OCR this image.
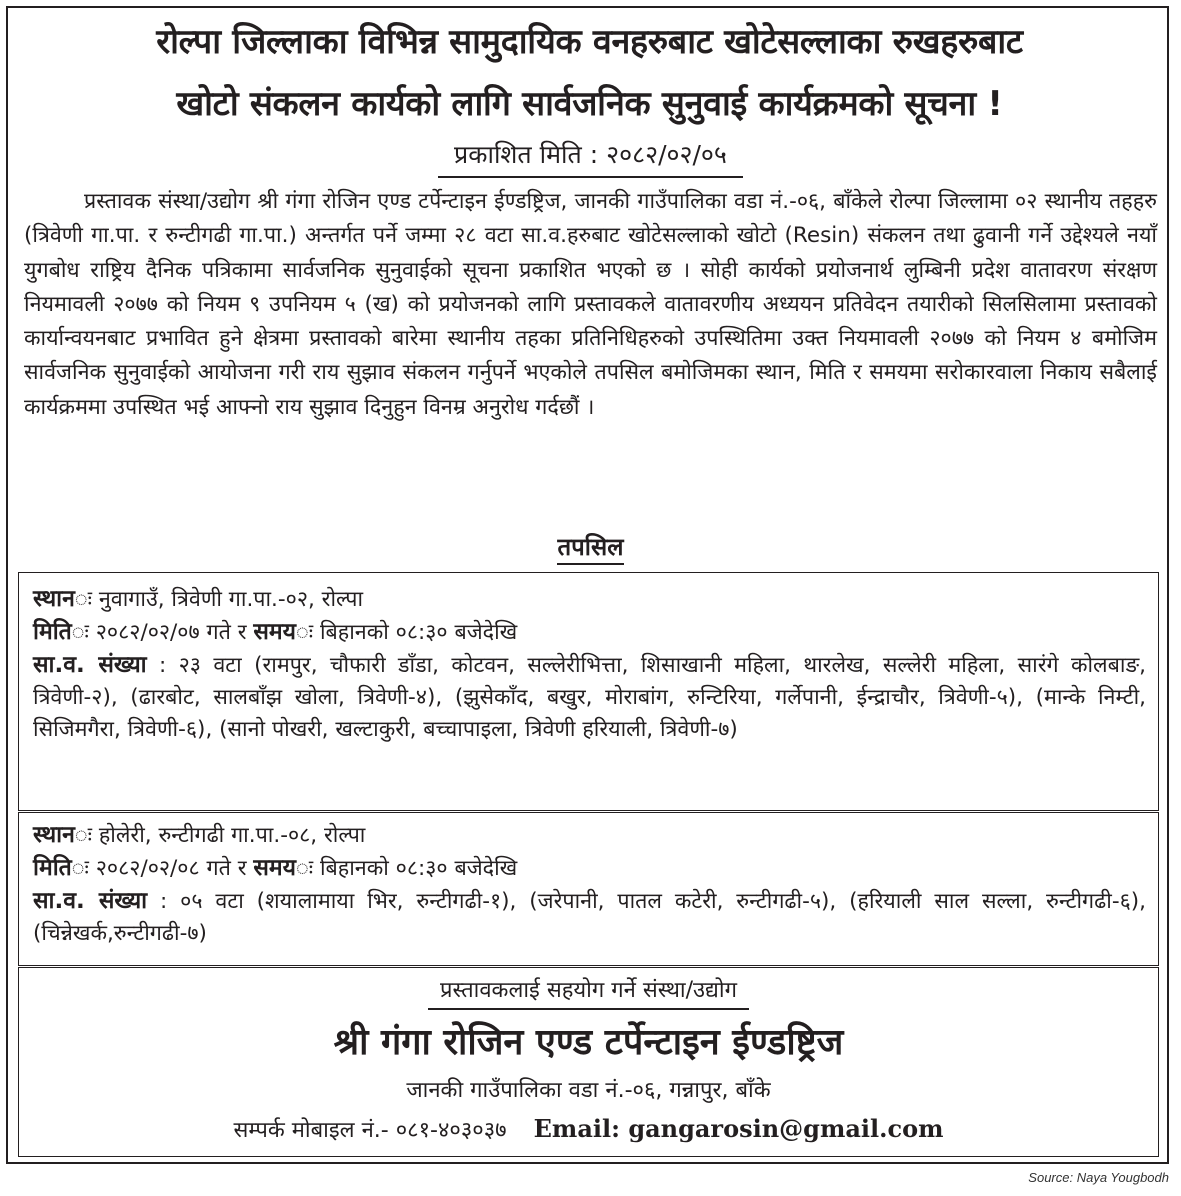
रोल्पा जिल्लाका विभिन्न सामुदायिक वनहरुबाट खोटेसल्लाका रुखहरुबाट
खोटो संकलन कार्यको लागि सार्वजनिक सुनुवाई कार्यक्रमको सूचना !
प्रकाशित मिति : २०८२/०२/०५

प्रस्तावक संस्था/उद्योग श्री गंगा रोजिन एण्ड टर्पेन्टाइन ईण्डष्ट्रिज, जानकी गाउँपालिका वडा नं.-०६, बाँकेले रोल्पा जिल्लामा ०२ स्थानीय तहहरु (त्रिवेणी गा.पा. र रुन्टीगढी गा.पा.) अन्तर्गत पर्ने जम्मा २८ वटा सा.व.हरुबाट खोटेसल्लाको खोटो (Resin) संकलन तथा ढुवानी गर्ने उद्देश्यले नयाँ युगबोध राष्ट्रिय दैनिक पत्रिकामा सार्वजनिक सुनुवाईको सूचना प्रकाशित भएको छ । सोही कार्यको प्रयोजनार्थ लुम्बिनी प्रदेश वातावरण संरक्षण नियमावली २०७७ को नियम ९ उपनियम ५ (ख) को प्रयोजनको लागि प्रस्तावकले वातावरणीय अध्ययन प्रतिवेदन तयारीको सिलसिलामा प्रस्तावको कार्यान्वयनबाट प्रभावित हुने क्षेत्रमा प्रस्तावको बारेमा स्थानीय तहका प्रतिनिधिहरुको उपस्थितिमा उक्त नियमावली २०७७ को नियम ४ बमोजिम सार्वजनिक सुनुवाईको आयोजना गरी राय सुझाव संकलन गर्नुपर्ने भएकोले तपसिल बमोजिमका स्थान, मिति र समयमा सरोकारवाला निकाय सबैलाई कार्यक्रममा उपस्थित भई आफ्नो राय सुझाव दिनुहुन विनम्र अनुरोध गर्दछौं ।

तपसिल
स्थानः नुवागाउँ, त्रिवेणी गा.पा.-०२, रोल्पा
मितिः २०८२/०२/०७ गते र समयः बिहानको ०८:३० बजेदेखि
सा.व. संख्या : २३ वटा (रामपुर, चौफारी डाँडा, कोटवन, सल्लेरीभित्ता, शिसाखानी महिला, थारलेख, सल्लेरी महिला, सारंगे कोलबाङ, त्रिवेणी-२), (ढारबोट, सालबाँझ खोला, त्रिवेणी-४), (झुसेकाँद, बखुर, मोराबांग, रुन्टिरिया, गर्लेपानी, ईन्द्राचौर, त्रिवेणी-५), (मान्के निम्टी, सिजिमगैरा, त्रिवेणी-६), (सानो पोखरी, खल्टाकुरी, बच्चापाइला, त्रिवेणी हरियाली, त्रिवेणी-७)
स्थानः होलेरी, रुन्टीगढी गा.पा.-०८, रोल्पा
मितिः २०८२/०२/०८ गते र समयः बिहानको ०८:३० बजेदेखि
सा.व. संख्या : ०५ वटा (शयालामाया भिर, रुन्टीगढी-१), (जरेपानी, पातल कटेरी, रुन्टीगढी-५), (हरियाली साल सल्ला, रुन्टीगढी-६), (चिन्नेखर्क,रुन्टीगढी-७)
प्रस्तावकलाई सहयोग गर्ने संस्था/उद्योग
श्री गंगा रोजिन एण्ड टर्पेन्टाइन ईण्डष्ट्रिज
जानकी गाउँपालिका वडा नं.-०६, गन्नापुर, बाँके
सम्पर्क मोबाइल नं.- ०८१-४०३०३७ Email: gangarosin@gmail.com
Source: Naya Yougbodh
